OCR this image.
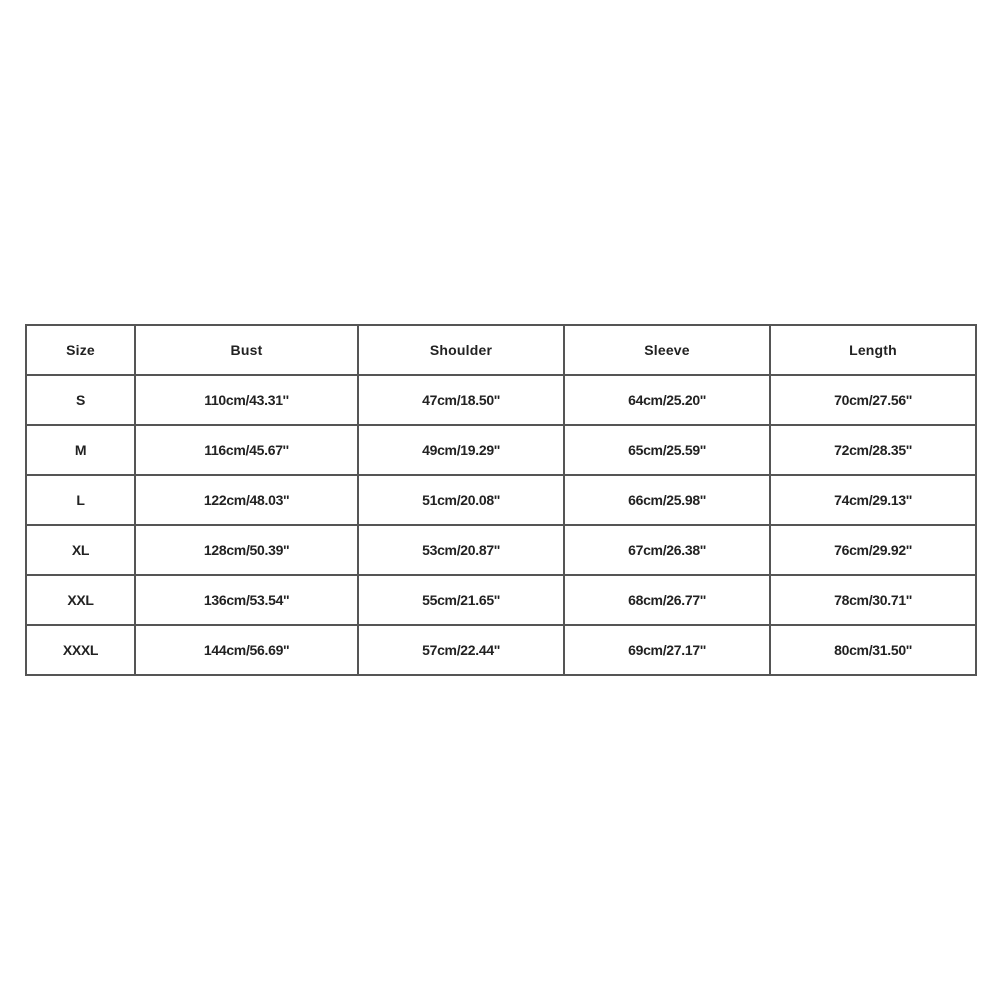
Size	Bust	Shoulder	Sleeve	Length
S	110cm/43.31''	47cm/18.50''	64cm/25.20''	70cm/27.56''
M	116cm/45.67''	49cm/19.29''	65cm/25.59''	72cm/28.35''
L	122cm/48.03''	51cm/20.08''	66cm/25.98''	74cm/29.13''
XL	128cm/50.39''	53cm/20.87''	67cm/26.38''	76cm/29.92''
XXL	136cm/53.54''	55cm/21.65''	68cm/26.77''	78cm/30.71''
XXXL	144cm/56.69''	57cm/22.44''	69cm/27.17''	80cm/31.50''
